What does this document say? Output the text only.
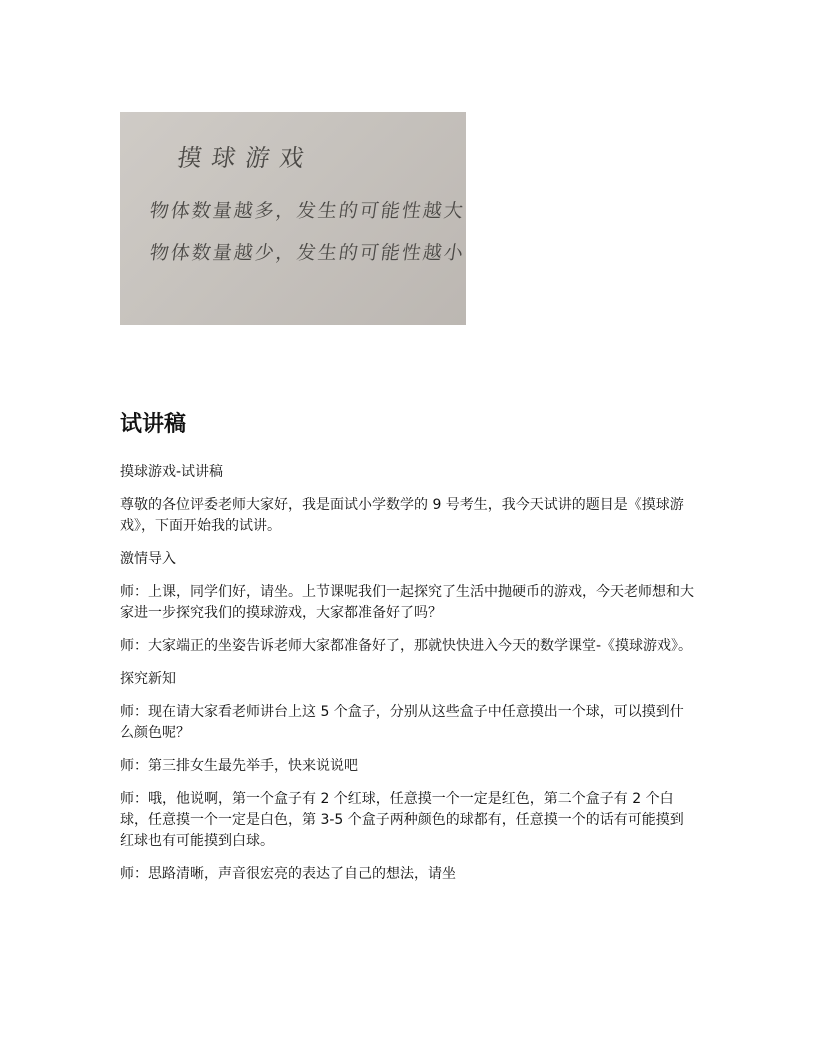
摸球游戏
物体数量越多，发生的可能性越大
物体数量越少，发生的可能性越小
试讲稿

摸球游戏-试讲稿

尊敬的各位评委老师大家好，我是面试小学数学的 9 号考生，我今天试讲的题目是《摸球游戏》，下面开始我的试讲。

激情导入

师：上课，同学们好，请坐。上节课呢我们一起探究了生活中抛硬币的游戏，今天老师想和大家进一步探究我们的摸球游戏，大家都准备好了吗？

师：大家端正的坐姿告诉老师大家都准备好了，那就快快进入今天的数学课堂-《摸球游戏》。

探究新知

师：现在请大家看老师讲台上这 5 个盒子，分别从这些盒子中任意摸出一个球，可以摸到什么颜色呢？

师：第三排女生最先举手，快来说说吧

师：哦，他说啊，第一个盒子有 2 个红球，任意摸一个一定是红色，第二个盒子有 2 个白球，任意摸一个一定是白色，第 3-5 个盒子两种颜色的球都有，任意摸一个的话有可能摸到红球也有可能摸到白球。

师：思路清晰，声音很宏亮的表达了自己的想法，请坐
